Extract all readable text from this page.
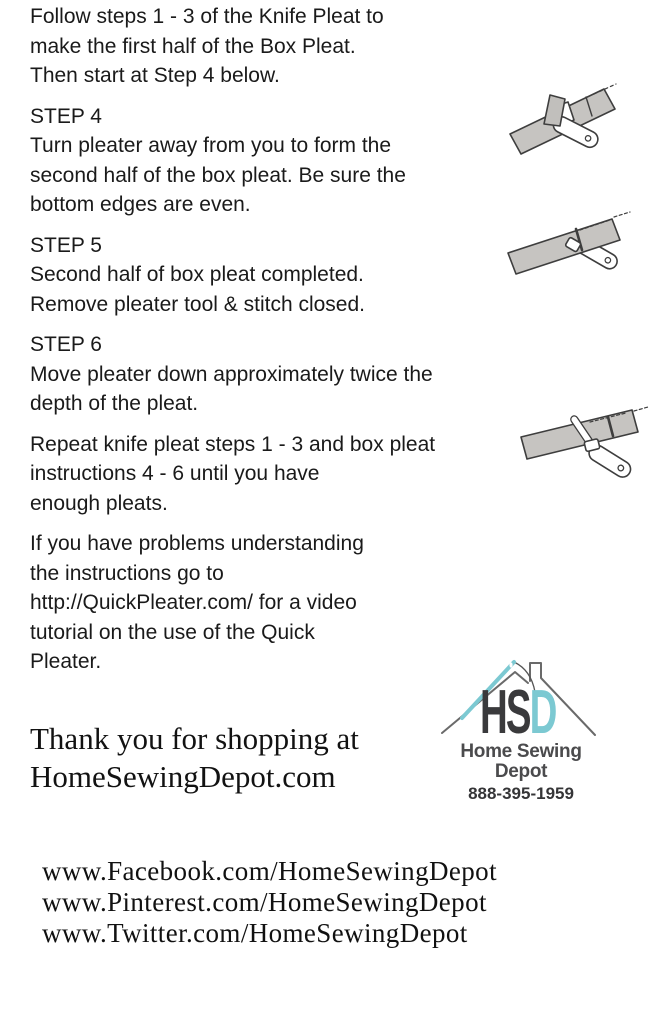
Follow steps 1 - 3 of the Knife Pleat to
make the first half of the Box Pleat.
Then start at Step 4 below.
STEP 4
Turn pleater away from you to form the
second half of the box pleat. Be sure the
bottom edges are even.
STEP 5
Second half of box pleat completed.
Remove pleater tool & stitch closed.
STEP 6
Move pleater down approximately twice the
depth of the pleat.
Repeat knife pleat steps 1 - 3 and box pleat
instructions 4 - 6 until you have
enough pleats.
If you have problems understanding
the instructions go to
http://QuickPleater.com/ for a video
tutorial on the use of the Quick
Pleater.
Thank you for shopping at
HomeSewingDepot.com
HSD
Home Sewing Depot
888-395-1959
www.Facebook.com/HomeSewingDepot
www.Pinterest.com/HomeSewingDepot
www.Twitter.com/HomeSewingDepot
